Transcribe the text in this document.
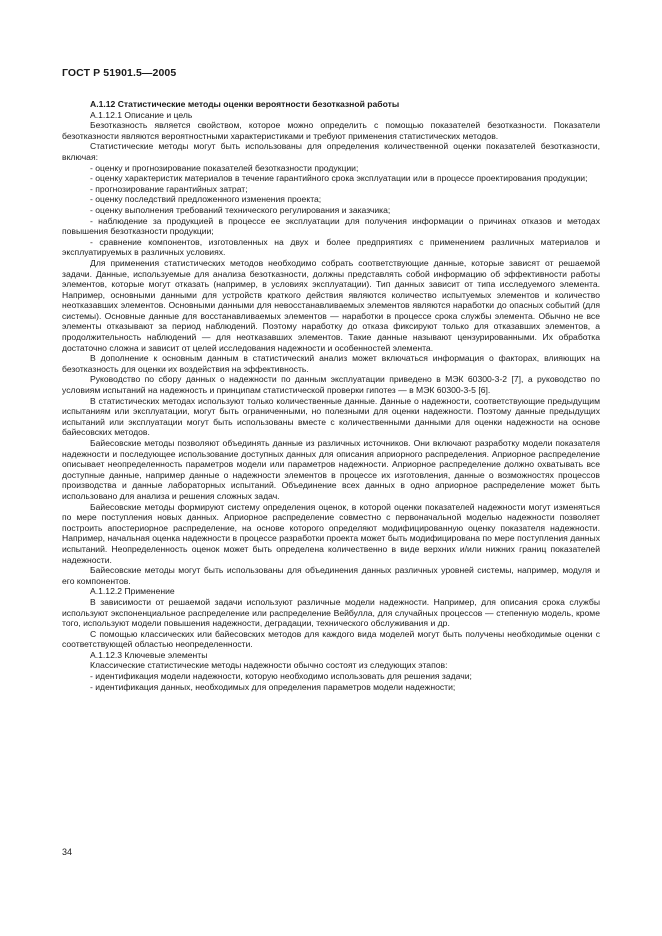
ГОСТ Р 51901.5—2005

A.1.12 Статистические методы оценки вероятности безотказной работы

A.1.12.1 Описание и цель

Безотказность является свойством, которое можно определить с помощью показателей безотказности. Показатели безотказности являются вероятностными характеристиками и требуют применения статистических методов.

Статистические методы могут быть использованы для определения количественной оценки показателей безотказности, включая:

- оценку и прогнозирование показателей безотказности продукции;

- оценку характеристик материалов в течение гарантийного срока эксплуатации или в процессе проектирования продукции;

- прогнозирование гарантийных затрат;

- оценку последствий предложенного изменения проекта;

- оценку выполнения требований технического регулирования и заказчика;

- наблюдение за продукцией в процессе ее эксплуатации для получения информации о причинах отказов и методах повышения безотказности продукции;

- сравнение компонентов, изготовленных на двух и более предприятиях с применением различных материалов и эксплуатируемых в различных условиях.

Для применения статистических методов необходимо собрать соответствующие данные, которые зависят от решаемой задачи. Данные, используемые для анализа безотказности, должны представлять собой информацию об эффективности работы элементов, которые могут отказать (например, в условиях эксплуатации). Тип данных зависит от типа исследуемого элемента. Например, основными данными для устройств краткого действия являются количество испытуемых элементов и количество неотказавших элементов. Основными данными для невосстанавливаемых элементов являются наработки до опасных событий (для системы). Основные данные для восстанавливаемых элементов — наработки в процессе срока службы элемента. Обычно не все элементы отказывают за период наблюдений. Поэтому наработку до отказа фиксируют только для отказавших элементов, а продолжительность наблюдений — для неотказавших элементов. Такие данные называют цензурированными. Их обработка достаточно сложна и зависит от целей исследования надежности и особенностей элемента.

В дополнение к основным данным в статистический анализ может включаться информация о факторах, влияющих на безотказность для оценки их воздействия на эффективность.

Руководство по сбору данных о надежности по данным эксплуатации приведено в МЭК 60300-3-2 [7], а руководство по условиям испытаний на надежность и принципам статистической проверки гипотез — в МЭК 60300-3-5 [6].

В статистических методах используют только количественные данные. Данные о надежности, соответствующие предыдущим испытаниям или эксплуатации, могут быть ограниченными, но полезными для оценки надежности. Поэтому данные предыдущих испытаний или эксплуатации могут быть использованы вместе с количественными данными для оценки надежности на основе байесовских методов.

Байесовские методы позволяют объединять данные из различных источников. Они включают разработку модели показателя надежности и последующее использование доступных данных для описания априорного распределения. Априорное распределение описывает неопределенность параметров модели или параметров надежности. Априорное распределение должно охватывать все доступные данные, например данные о надежности элементов в процессе их изготовления, данные о возможностях процессов производства и данные лабораторных испытаний. Объединение всех данных в одно априорное распределение может быть использовано для анализа и решения сложных задач.

Байесовские методы формируют систему определения оценок, в которой оценки показателей надежности могут изменяться по мере поступления новых данных. Априорное распределение совместно с первоначальной моделью надежности позволяет построить апостериорное распределение, на основе которого определяют модифицированную оценку показателя надежности. Например, начальная оценка надежности в процессе разработки проекта может быть модифицирована по мере поступления данных испытаний. Неопределенность оценок может быть определена количественно в виде верхних и/или нижних границ показателей надежности.

Байесовские методы могут быть использованы для объединения данных различных уровней системы, например, модуля и его компонентов.

A.1.12.2 Применение

В зависимости от решаемой задачи используют различные модели надежности. Например, для описания срока службы используют экспоненциальное распределение или распределение Вейбулла, для случайных процессов — степенную модель, кроме того, используют модели повышения надежности, деградации, технического обслуживания и др.

С помощью классических или байесовских методов для каждого вида моделей могут быть получены необходимые оценки с соответствующей областью неопределенности.

A.1.12.3 Ключевые элементы

Классические статистические методы надежности обычно состоят из следующих этапов:

- идентификация модели надежности, которую необходимо использовать для решения задачи;

- идентификация данных, необходимых для определения параметров модели надежности;

34
